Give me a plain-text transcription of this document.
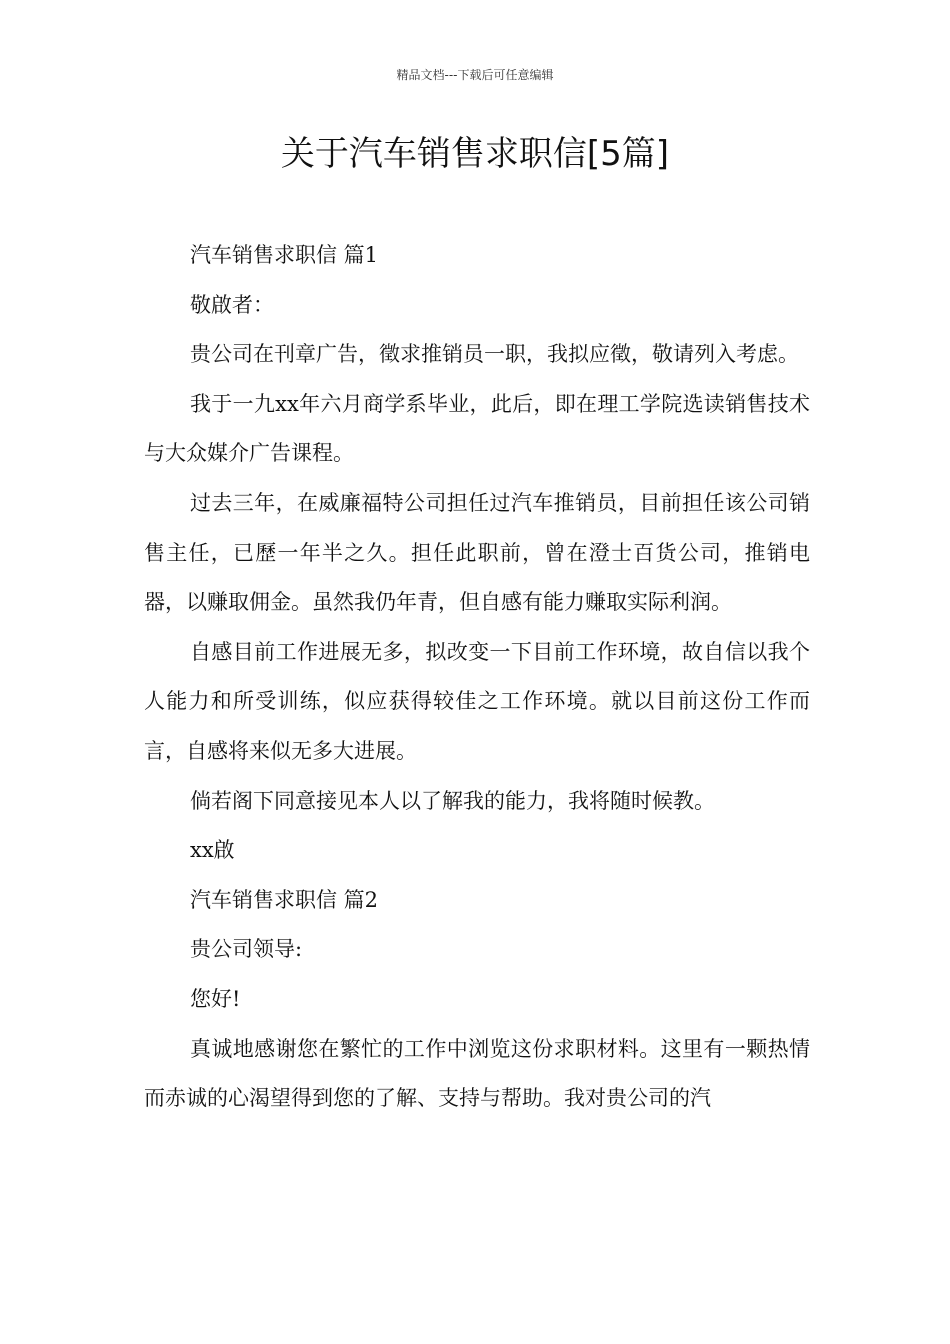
精品文档---下载后可任意编辑
关于汽车销售求职信[5篇]

汽车销售求职信 篇1

敬啟者：

贵公司在刊章广告，徵求推销员一职，我拟应徵，敬请列入考虑。

我于一九xx年六月商学系毕业，此后，即在理工学院选读销售技术与大众媒介广告课程。

过去三年，在威廉福特公司担任过汽车推销员，目前担任该公司销售主任，已歷一年半之久。担任此职前，曾在澄士百货公司，推销电器，以赚取佣金。虽然我仍年青，但自感有能力赚取实际利润。

自感目前工作进展无多，拟改变一下目前工作环境，故自信以我个人能力和所受训练，似应获得较佳之工作环境。就以目前这份工作而言，自感将来似无多大进展。

倘若阁下同意接见本人以了解我的能力，我将随时候教。

xx啟

汽车销售求职信 篇2

贵公司领导:

您好!

真诚地感谢您在繁忙的工作中浏览这份求职材料。这里有一颗热情而赤诚的心渴望得到您的了解、支持与帮助。我对贵公司的汽
